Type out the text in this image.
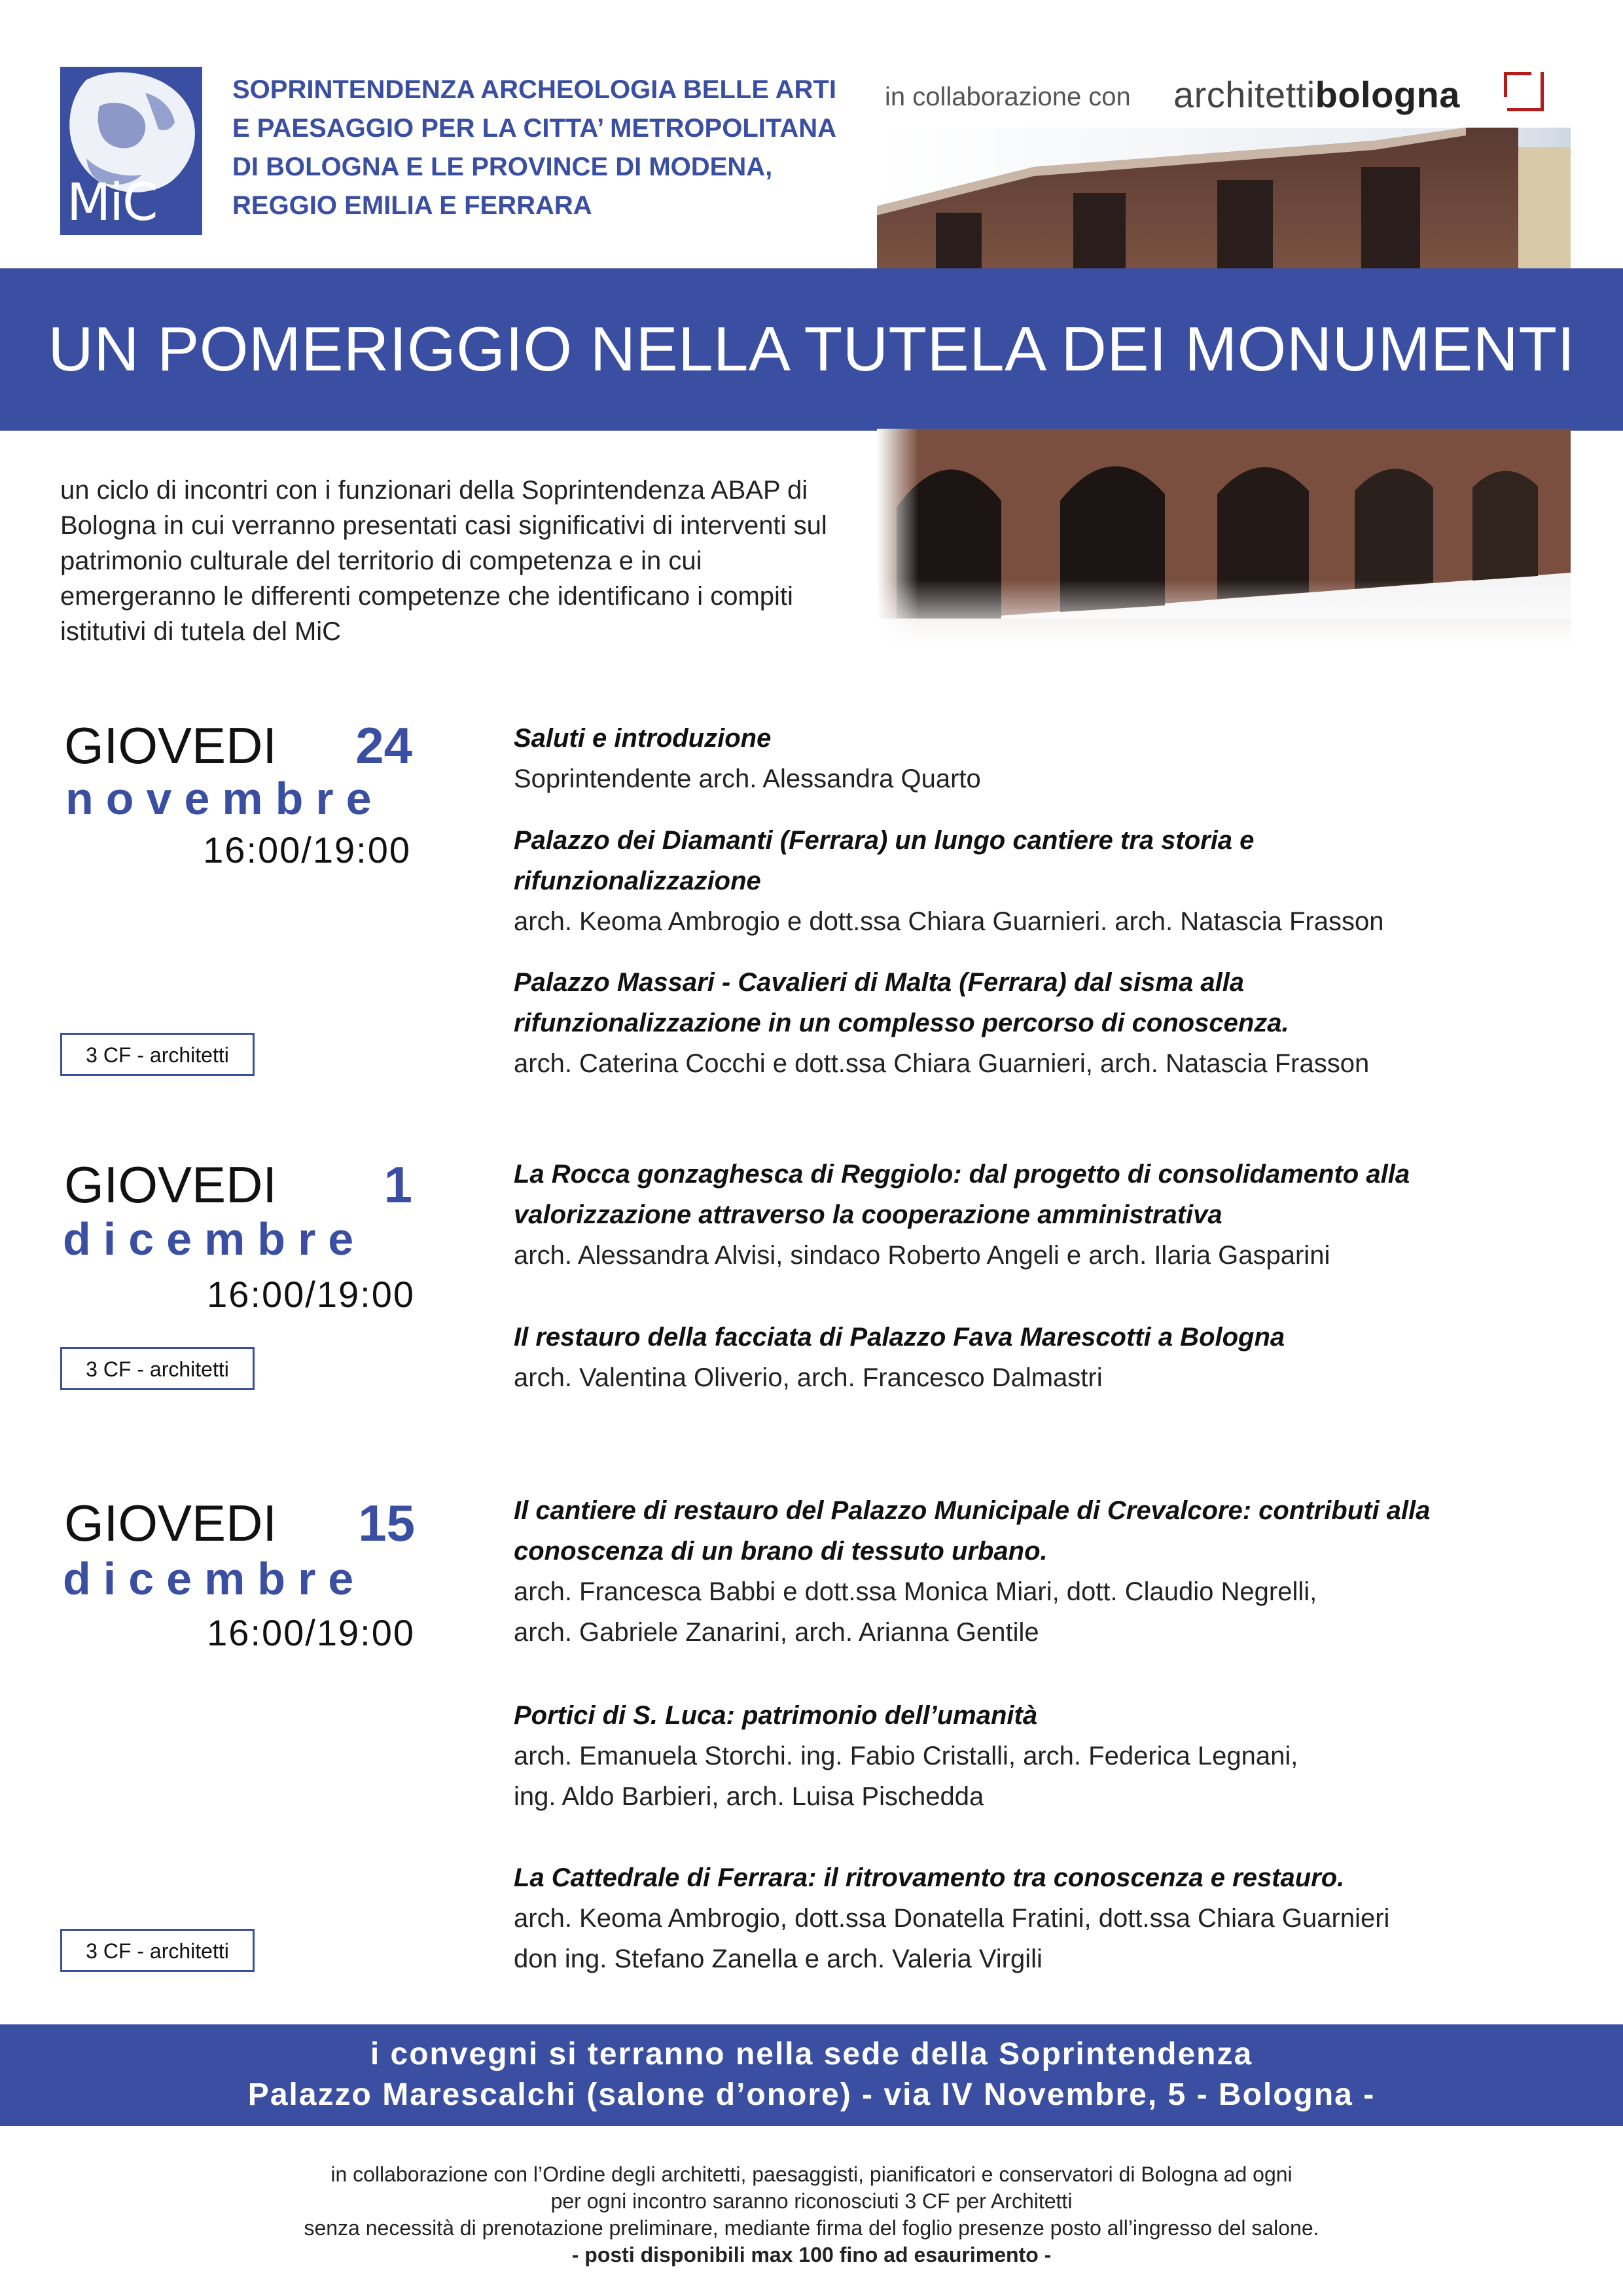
MiC
SOPRINTENDENZA ARCHEOLOGIA BELLE ARTI
E PAESAGGIO PER LA CITTA’ METROPOLITANA
DI BOLOGNA E LE PROVINCE DI MODENA,
REGGIO EMILIA E FERRARA
in collaborazione con architettibologna
UN POMERIGGIO NELLA TUTELA DEI MONUMENTI
un ciclo di incontri con i funzionari della Soprintendenza ABAP di
Bologna in cui verranno presentati casi significativi di interventi sul
patrimonio culturale del territorio di competenza e in cui
emergeranno le differenti competenze che identificano i compiti
istitutivi di tutela del MiC
GIOVEDI	24
novembre
16:00/19:00
3 CF - architetti
Saluti e introduzione
Soprintendente arch. Alessandra Quarto
Palazzo dei Diamanti (Ferrara) un lungo cantiere tra storia e
rifunzionalizzazione
arch. Keoma Ambrogio e dott.ssa Chiara Guarnieri. arch. Natascia Frasson
Palazzo Massari - Cavalieri di Malta (Ferrara) dal sisma alla
rifunzionalizzazione in un complesso percorso di conoscenza.
arch. Caterina Cocchi e dott.ssa Chiara Guarnieri, arch. Natascia Frasson
GIOVEDI	1
dicembre
16:00/19:00
3 CF - architetti
La Rocca gonzaghesca di Reggiolo: dal progetto di consolidamento alla
valorizzazione attraverso la cooperazione amministrativa
arch. Alessandra Alvisi, sindaco Roberto Angeli e arch. Ilaria Gasparini
Il restauro della facciata di Palazzo Fava Marescotti a Bologna
arch. Valentina Oliverio, arch. Francesco Dalmastri
GIOVEDI	15
dicembre
16:00/19:00
3 CF - architetti
Il cantiere di restauro del Palazzo Municipale di Crevalcore: contributi alla
conoscenza di un brano di tessuto urbano.
arch. Francesca Babbi e dott.ssa Monica Miari, dott. Claudio Negrelli,
arch. Gabriele Zanarini, arch. Arianna Gentile
Portici di S. Luca: patrimonio dell’umanità
arch. Emanuela Storchi. ing. Fabio Cristalli, arch. Federica Legnani,
ing. Aldo Barbieri, arch. Luisa Pischedda
La Cattedrale di Ferrara: il ritrovamento tra conoscenza e restauro.
arch. Keoma Ambrogio, dott.ssa Donatella Fratini, dott.ssa Chiara Guarnieri
don ing. Stefano Zanella e arch. Valeria Virgili
i convegni si terranno nella sede della Soprintendenza
Palazzo Marescalchi (salone d’onore) - via IV Novembre, 5 - Bologna -
in collaborazione con l’Ordine degli architetti, paesaggisti, pianificatori e conservatori di Bologna ad ogni
per ogni incontro saranno riconosciuti 3 CF per Architetti
senza necessità di prenotazione preliminare, mediante firma del foglio presenze posto all’ingresso del salone.
- posti disponibili max 100 fino ad esaurimento -
